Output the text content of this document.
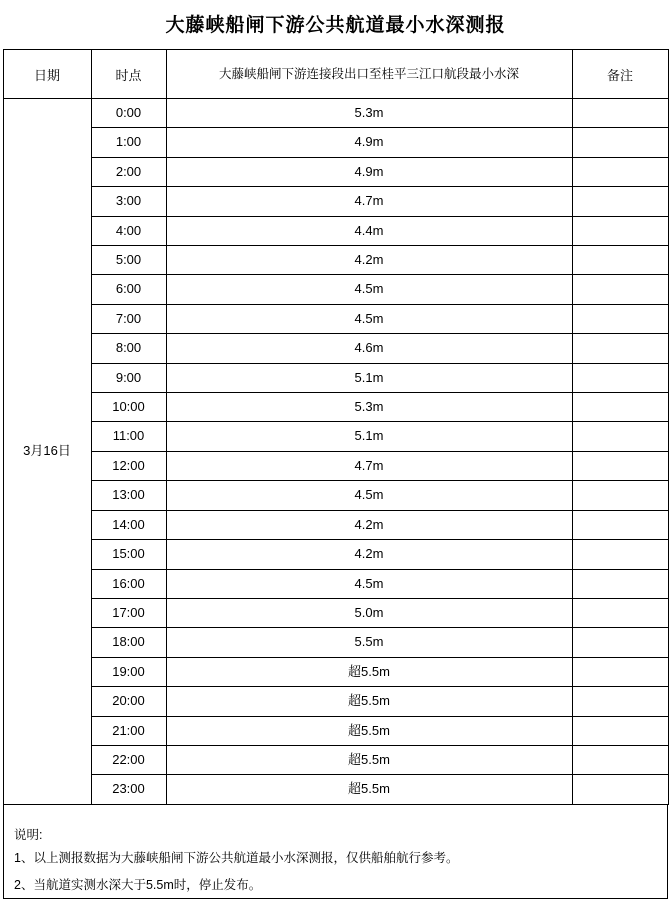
大藤峡船闸下游公共航道最小水深测报
日期	时点	大藤峡船闸下游连接段出口至桂平三江口航段最小水深	备注
3月16日	0:00	5.3m	
	1:00	4.9m	
	2:00	4.9m	
	3:00	4.7m	
	4:00	4.4m	
	5:00	4.2m	
	6:00	4.5m	
	7:00	4.5m	
	8:00	4.6m	
	9:00	5.1m	
	10:00	5.3m	
	11:00	5.1m	
	12:00	4.7m	
	13:00	4.5m	
	14:00	4.2m	
	15:00	4.2m	
	16:00	4.5m	
	17:00	5.0m	
	18:00	5.5m	
	19:00	超5.5m	
	20:00	超5.5m	
	21:00	超5.5m	
	22:00	超5.5m	
	23:00	超5.5m	
说明:
1、以上测报数据为大藤峡船闸下游公共航道最小水深测报，仅供船舶航行参考。
2、当航道实测水深大于5.5m时，停止发布。
